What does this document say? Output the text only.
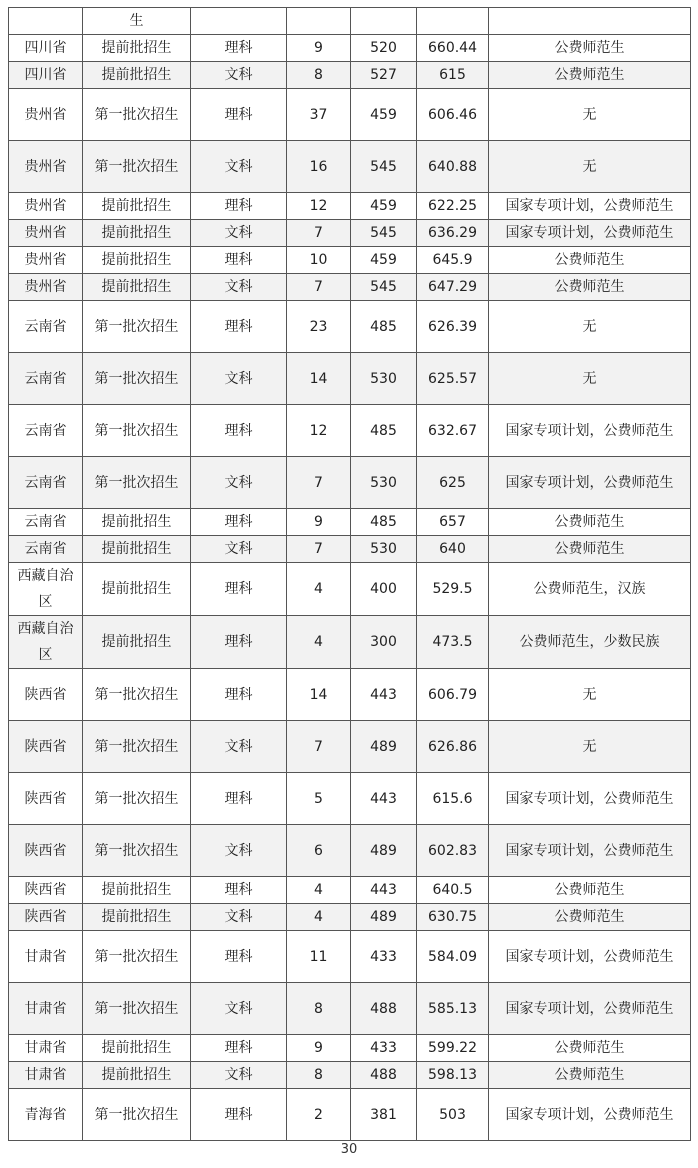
	生					
四川省	提前批招生	理科	9	520	660.44	公费师范生
四川省	提前批招生	文科	8	527	615	公费师范生
贵州省	第一批次招生	理科	37	459	606.46	无
贵州省	第一批次招生	文科	16	545	640.88	无
贵州省	提前批招生	理科	12	459	622.25	国家专项计划，公费师范生
贵州省	提前批招生	文科	7	545	636.29	国家专项计划，公费师范生
贵州省	提前批招生	理科	10	459	645.9	公费师范生
贵州省	提前批招生	文科	7	545	647.29	公费师范生
云南省	第一批次招生	理科	23	485	626.39	无
云南省	第一批次招生	文科	14	530	625.57	无
云南省	第一批次招生	理科	12	485	632.67	国家专项计划，公费师范生
云南省	第一批次招生	文科	7	530	625	国家专项计划，公费师范生
云南省	提前批招生	理科	9	485	657	公费师范生
云南省	提前批招生	文科	7	530	640	公费师范生
西藏自治区	提前批招生	理科	4	400	529.5	公费师范生，汉族
西藏自治区	提前批招生	理科	4	300	473.5	公费师范生，少数民族
陕西省	第一批次招生	理科	14	443	606.79	无
陕西省	第一批次招生	文科	7	489	626.86	无
陕西省	第一批次招生	理科	5	443	615.6	国家专项计划，公费师范生
陕西省	第一批次招生	文科	6	489	602.83	国家专项计划，公费师范生
陕西省	提前批招生	理科	4	443	640.5	公费师范生
陕西省	提前批招生	文科	4	489	630.75	公费师范生
甘肃省	第一批次招生	理科	11	433	584.09	国家专项计划，公费师范生
甘肃省	第一批次招生	文科	8	488	585.13	国家专项计划，公费师范生
甘肃省	提前批招生	理科	9	433	599.22	公费师范生
甘肃省	提前批招生	文科	8	488	598.13	公费师范生
青海省	第一批次招生	理科	2	381	503	国家专项计划，公费师范生
30
